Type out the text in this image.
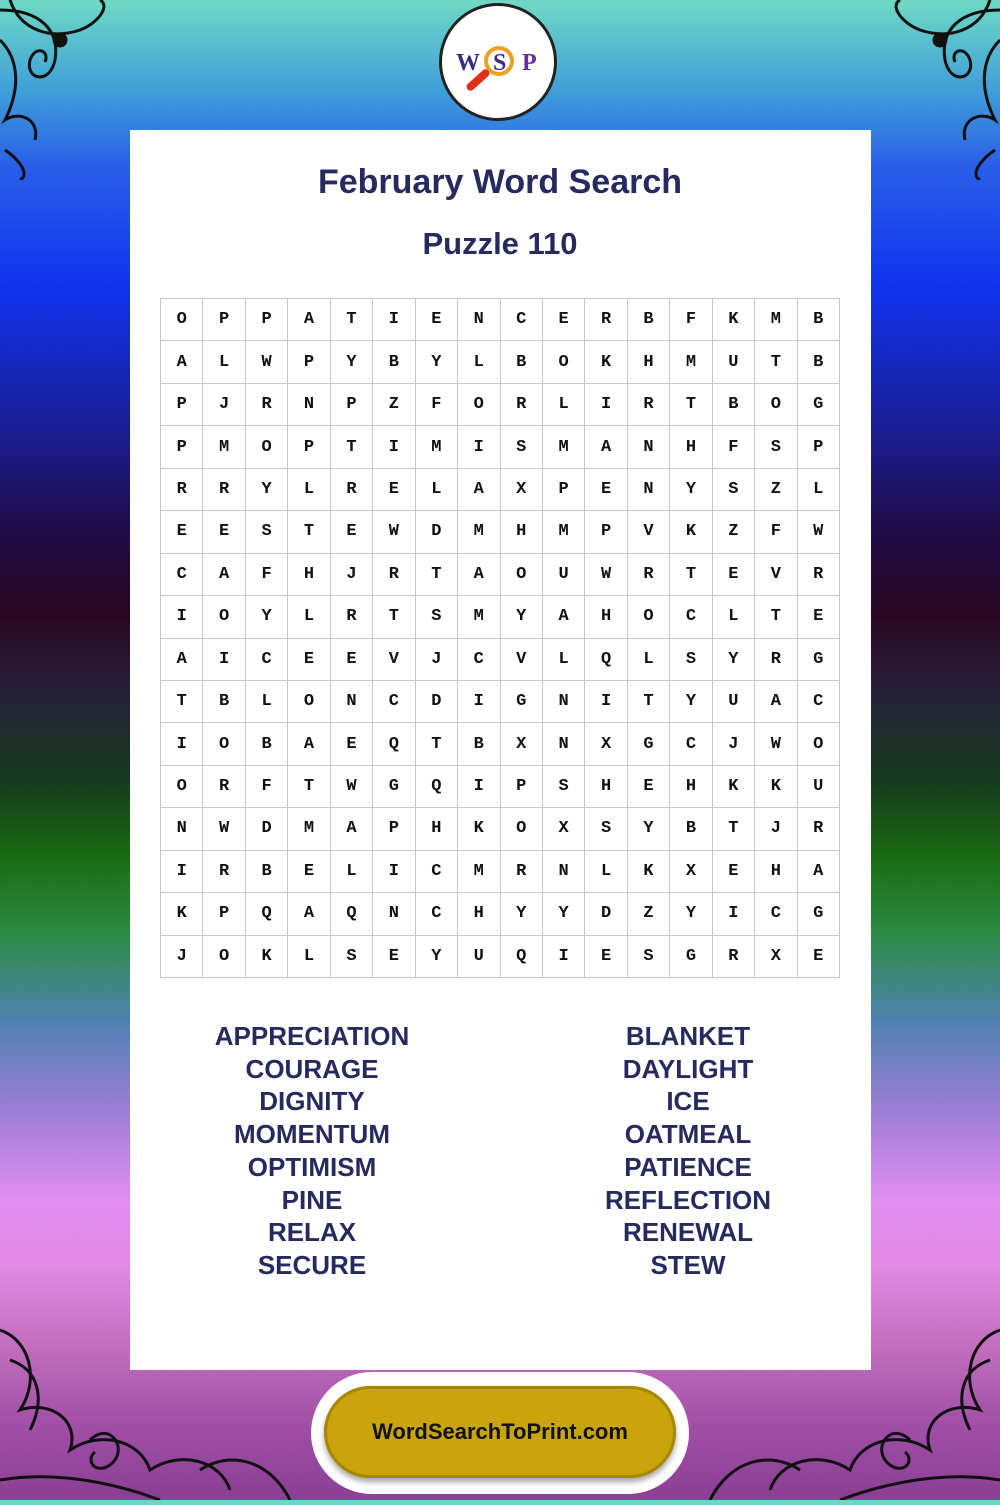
W S P
February Word Search
Puzzle 110
O	P	P	A	T	I	E	N	C	E	R	B	F	K	M	B
A	L	W	P	Y	B	Y	L	B	O	K	H	M	U	T	B
P	J	R	N	P	Z	F	O	R	L	I	R	T	B	O	G
P	M	O	P	T	I	M	I	S	M	A	N	H	F	S	P
R	R	Y	L	R	E	L	A	X	P	E	N	Y	S	Z	L
E	E	S	T	E	W	D	M	H	M	P	V	K	Z	F	W
C	A	F	H	J	R	T	A	O	U	W	R	T	E	V	R
I	O	Y	L	R	T	S	M	Y	A	H	O	C	L	T	E
A	I	C	E	E	V	J	C	V	L	Q	L	S	Y	R	G
T	B	L	O	N	C	D	I	G	N	I	T	Y	U	A	C
I	O	B	A	E	Q	T	B	X	N	X	G	C	J	W	O
O	R	F	T	W	G	Q	I	P	S	H	E	H	K	K	U
N	W	D	M	A	P	H	K	O	X	S	Y	B	T	J	R
I	R	B	E	L	I	C	M	R	N	L	K	X	E	H	A
K	P	Q	A	Q	N	C	H	Y	Y	D	Z	Y	I	C	G
J	O	K	L	S	E	Y	U	Q	I	E	S	G	R	X	E
APPRECIATION
COURAGE
DIGNITY
MOMENTUM
OPTIMISM
PINE
RELAX
SECURE
BLANKET
DAYLIGHT
ICE
OATMEAL
PATIENCE
REFLECTION
RENEWAL
STEW
WordSearchToPrint.com
